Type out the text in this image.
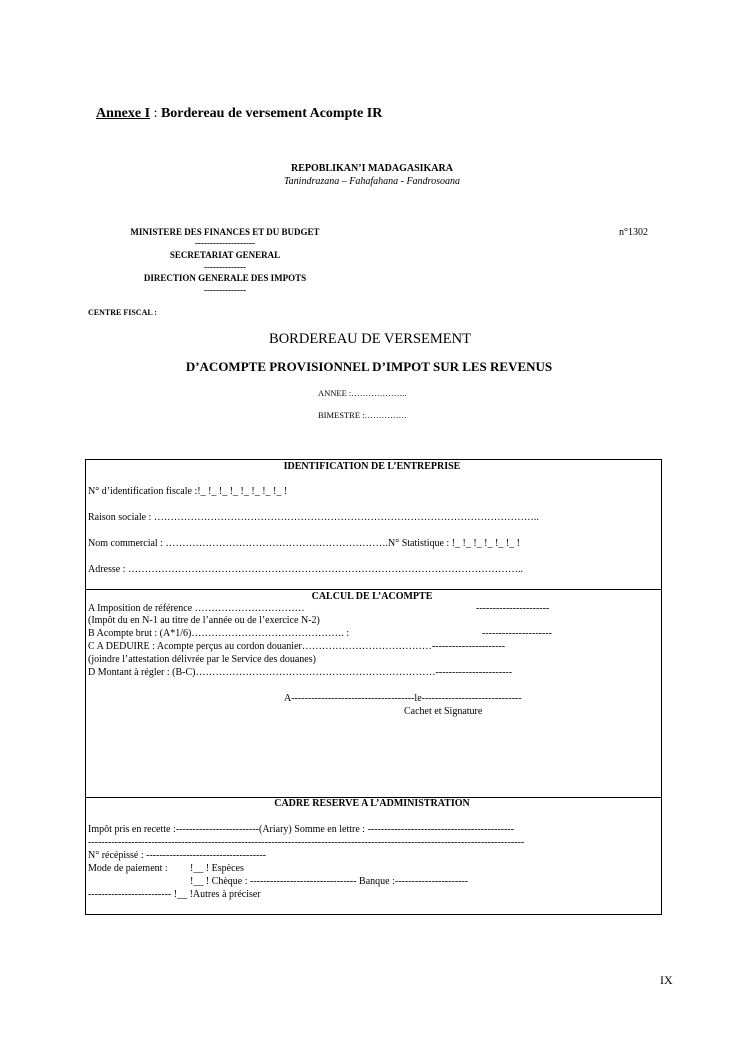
Annexe I : Bordereau de versement Acompte IR
REPOBLIKAN’I MADAGASIKARA
Tanindrazana – Fahafahana - Fandrosoana
MINISTERE DES FINANCES ET DU BUDGET
--------------------
SECRETARIAT GENERAL
--------------
DIRECTION GENERALE DES IMPOTS
--------------
n°1302
CENTRE FISCAL :
BORDEREAU DE VERSEMENT
D’ACOMPTE PROVISIONNEL D’IMPOT SUR LES REVENUS
ANNEE :………………..
BIMESTRE :……………
IDENTIFICATION DE L’ENTREPRISE
N° d’identification fiscale :!_ !_ !_ !_ !_ !_ !_ !_ !
Raison sociale : ……………………………………………………………………………………………………..
Nom commercial : ………………………………………………………….N° Statistique : !_ !_ !_ !_ !_ !_ !
Adresse : ………………………………………………………………………………………………………..
CALCUL DE L’ACOMPTE
A Imposition de référence ……………………………	----------------------
(Impôt du en N-1 au titre de l’année ou de l’exercice N-2)
B Acompte brut : (A*1/6)………………………………………. :	---------------------
C A DEDUIRE : Acompte perçus au cordon douanier…………………………………----------------------
(joindre l’attestation délivrée par le Service des douanes)
D Montant à régler : (B-C)………………………………………………………………-----------------------
A-------------------------------------le------------------------------
Cachet et Signature
CADRE RESERVE A L’ADMINISTRATION
Impôt pris en recette :-------------------------(Ariary) Somme en lettre : --------------------------------------------
-----------------------------------------------------------------------------------------------------------------------------------
N° récépissé : ------------------------------------
Mode de paiement : !__ ! Espèces
!__ ! Chèque : -------------------------------- Banque :----------------------
------------------------- !__ !Autres à préciser
IX
